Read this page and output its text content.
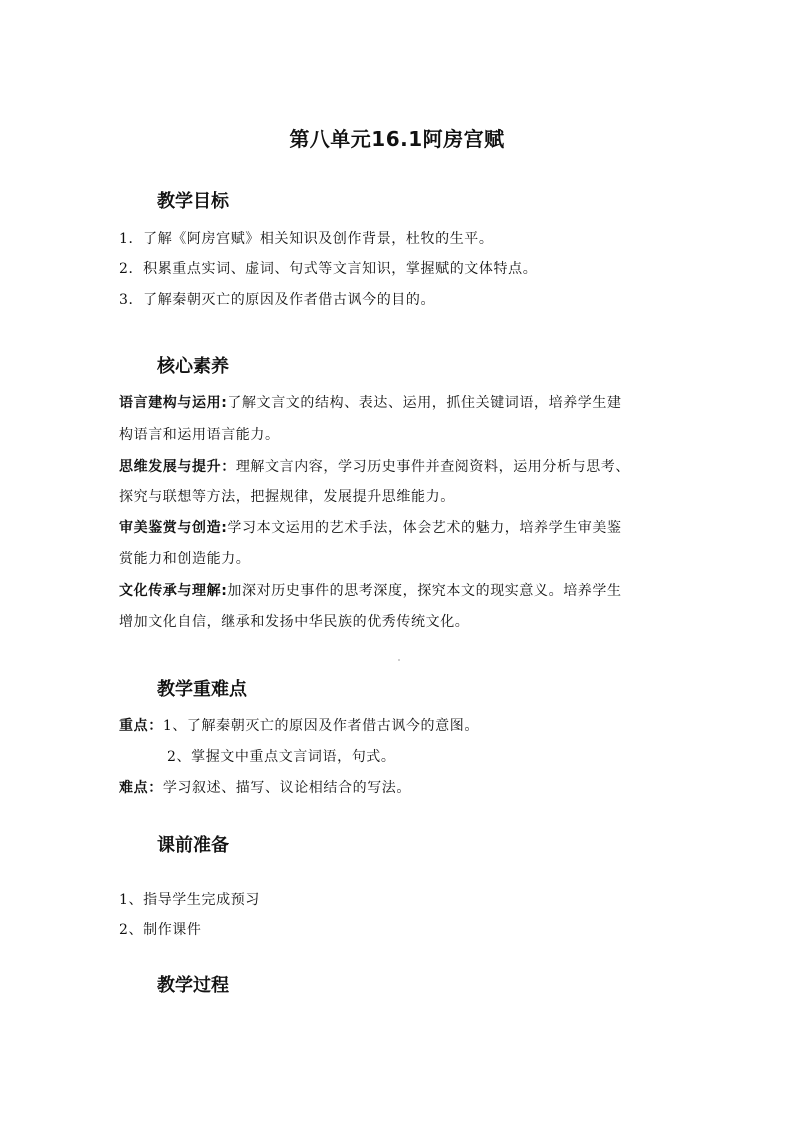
第八单元16.1阿房宫赋
教学目标
1．了解《阿房宫赋》相关知识及创作背景，杜牧的生平。
2．积累重点实词、虚词、句式等文言知识，掌握赋的文体特点。
3．了解秦朝灭亡的原因及作者借古讽今的目的。
核心素养
语言建构与运用:了解文言文的结构、表达、运用，抓住关键词语，培养学生建
构语言和运用语言能力。
思维发展与提升：理解文言内容，学习历史事件并查阅资料，运用分析与思考、
探究与联想等方法，把握规律，发展提升思维能力。
审美鉴赏与创造:学习本文运用的艺术手法，体会艺术的魅力，培养学生审美鉴
赏能力和创造能力。
文化传承与理解:加深对历史事件的思考深度，探究本文的现实意义。培养学生
增加文化自信，继承和发扬中华民族的优秀传统文化。
教学重难点
重点：1、了解秦朝灭亡的原因及作者借古讽今的意图。
2、掌握文中重点文言词语，句式。
难点：学习叙述、描写、议论相结合的写法。
课前准备
1、指导学生完成预习
2、制作课件
教学过程
